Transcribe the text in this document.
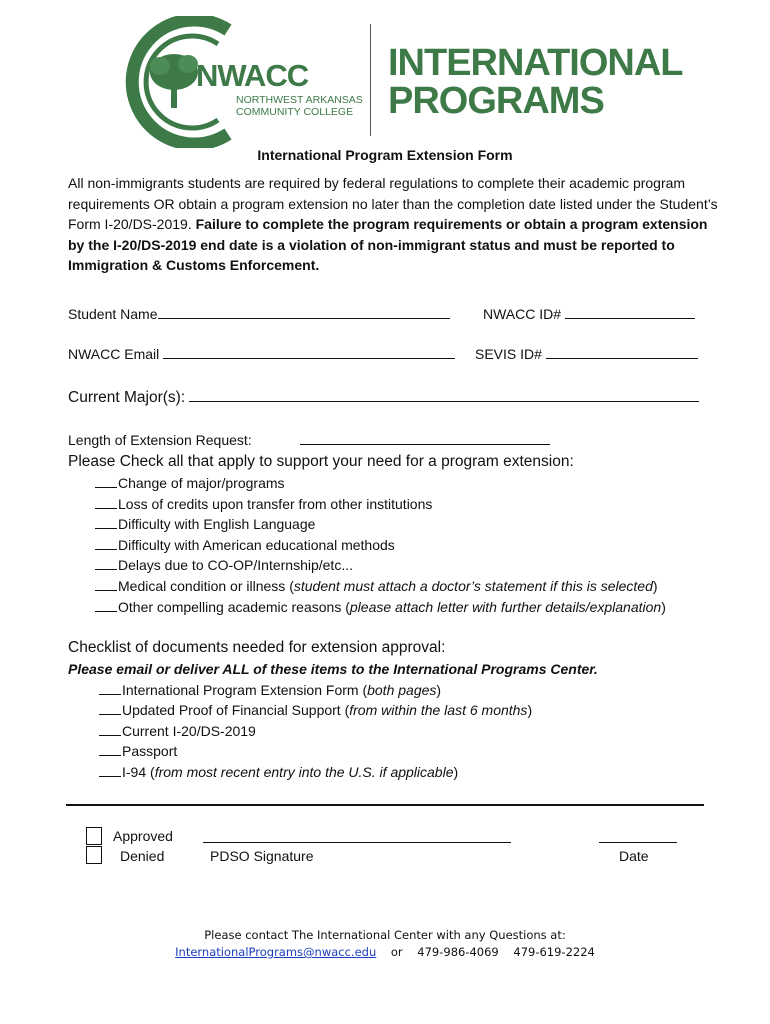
NWACC
NORTHWEST ARKANSAS
COMMUNITY COLLEGE
INTERNATIONAL
PROGRAMS
International Program Extension Form
All non-immigrants students are required by federal regulations to complete their academic program requirements OR obtain a program extension no later than the completion date listed under the Student’s Form I-20/DS-2019. Failure to complete the program requirements or obtain a program extension by the I-20/DS-2019 end date is a violation of non-immigrant status and must be reported to Immigration & Customs Enforcement.
Student Name	NWACC ID#
NWACC Email	SEVIS ID#
Current Major(s):
Length of Extension Request:
Please Check all that apply to support your need for a program extension:
Change of major/programs
Loss of credits upon transfer from other institutions
Difficulty with English Language
Difficulty with American educational methods
Delays due to CO-OP/Internship/etc...
Medical condition or illness (student must attach a doctor’s statement if this is selected)
Other compelling academic reasons (please attach letter with further details/explanation)
Checklist of documents needed for extension approval:
Please email or deliver ALL of these items to the International Programs Center.
International Program Extension Form (both pages)
Updated Proof of Financial Support (from within the last 6 months)
Current I-20/DS-2019
Passport
I-94 (from most recent entry into the U.S. if applicable)
Approved
Denied	PDSO Signature	Date
Please contact The International Center with any Questions at:
InternationalPrograms@nwacc.edu or 479-986-4069 479-619-2224
